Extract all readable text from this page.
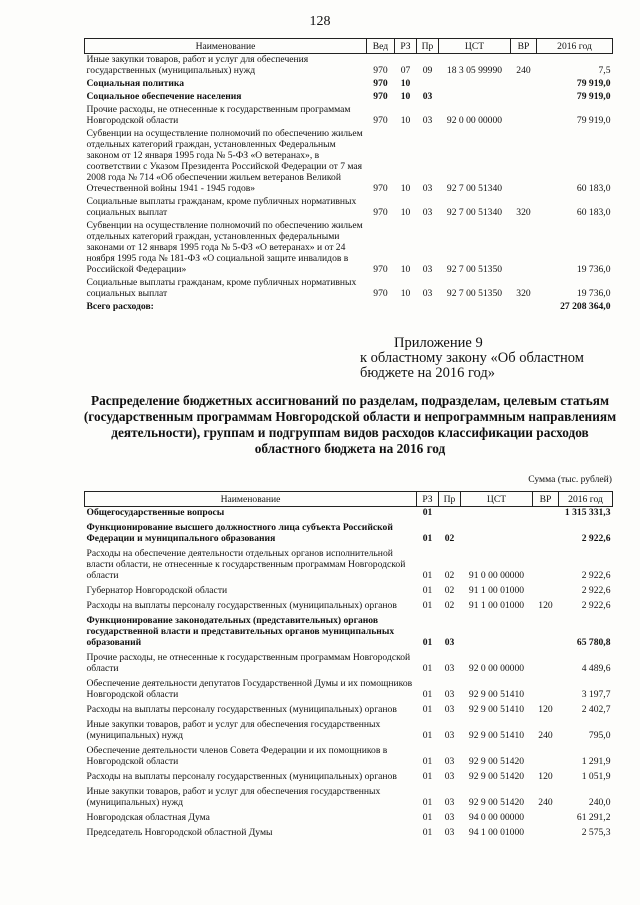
128
Наименование	Вед	РЗ	Пр	ЦСТ	ВР	2016 год
Иные закупки товаров, работ и услуг для обеспечения государственных (муниципальных) нужд	970	07	09	18 3 05 99990	240	7,5
Социальная политика	970	10				79 919,0
Социальное обеспечение населения	970	10	03			79 919,0
Прочие расходы, не отнесенные к государственным программам Новгородской области	970	10	03	92 0 00 00000		79 919,0
Субвенции на осуществление полномочий по обеспечению жильем отдельных категорий граждан, установленных Федеральным законом от 12 января 1995 года № 5-ФЗ «О ветеранах», в соответствии с Указом Президента Российской Федерации от 7 мая 2008 года № 714 «Об обеспечении жильем ветеранов Великой Отечественной войны 1941 - 1945 годов»	970	10	03	92 7 00 51340		60 183,0
Социальные выплаты гражданам, кроме публичных нормативных социальных выплат	970	10	03	92 7 00 51340	320	60 183,0
Субвенции на осуществление полномочий по обеспечению жильем отдельных категорий граждан, установленных федеральными законами от 12 января 1995 года № 5-ФЗ «О ветеранах» и от 24 ноября 1995 года № 181-ФЗ «О социальной защите инвалидов в Российской Федерации»	970	10	03	92 7 00 51350		19 736,0
Социальные выплаты гражданам, кроме публичных нормативных социальных выплат	970	10	03	92 7 00 51350	320	19 736,0
Всего расходов:						27 208 364,0
Приложение 9
к областному закону «Об областном бюджете на 2016 год»
Распределение бюджетных ассигнований по разделам, подразделам, целевым статьям (государственным программам Новгородской области и непрограммным направлениям деятельности), группам и подгруппам видов расходов классификации расходов областного бюджета на 2016 год
Сумма (тыс. рублей)
Наименование	РЗ	Пр	ЦСТ	ВР	2016 год
Общегосударственные вопросы	01				1 315 331,3
Функционирование высшего должностного лица субъекта Российской Федерации и муниципального образования	01	02			2 922,6
Расходы на обеспечение деятельности отдельных органов исполнительной власти области, не отнесенные к государственным программам Новгородской области	01	02	91 0 00 00000		2 922,6
Губернатор Новгородской области	01	02	91 1 00 01000		2 922,6
Расходы на выплаты персоналу государственных (муниципальных) органов	01	02	91 1 00 01000	120	2 922,6
Функционирование законодательных (представительных) органов государственной власти и представительных органов муниципальных образований	01	03			65 780,8
Прочие расходы, не отнесенные к государственным программам Новгородской области	01	03	92 0 00 00000		4 489,6
Обеспечение деятельности депутатов Государственной Думы и их помощников Новгородской области	01	03	92 9 00 51410		3 197,7
Расходы на выплаты персоналу государственных (муниципальных) органов	01	03	92 9 00 51410	120	2 402,7
Иные закупки товаров, работ и услуг для обеспечения государственных (муниципальных) нужд	01	03	92 9 00 51410	240	795,0
Обеспечение деятельности членов Совета Федерации и их помощников в Новгородской области	01	03	92 9 00 51420		1 291,9
Расходы на выплаты персоналу государственных (муниципальных) органов	01	03	92 9 00 51420	120	1 051,9
Иные закупки товаров, работ и услуг для обеспечения государственных (муниципальных) нужд	01	03	92 9 00 51420	240	240,0
Новгородская областная Дума	01	03	94 0 00 00000		61 291,2
Председатель Новгородской областной Думы	01	03	94 1 00 01000		2 575,3
